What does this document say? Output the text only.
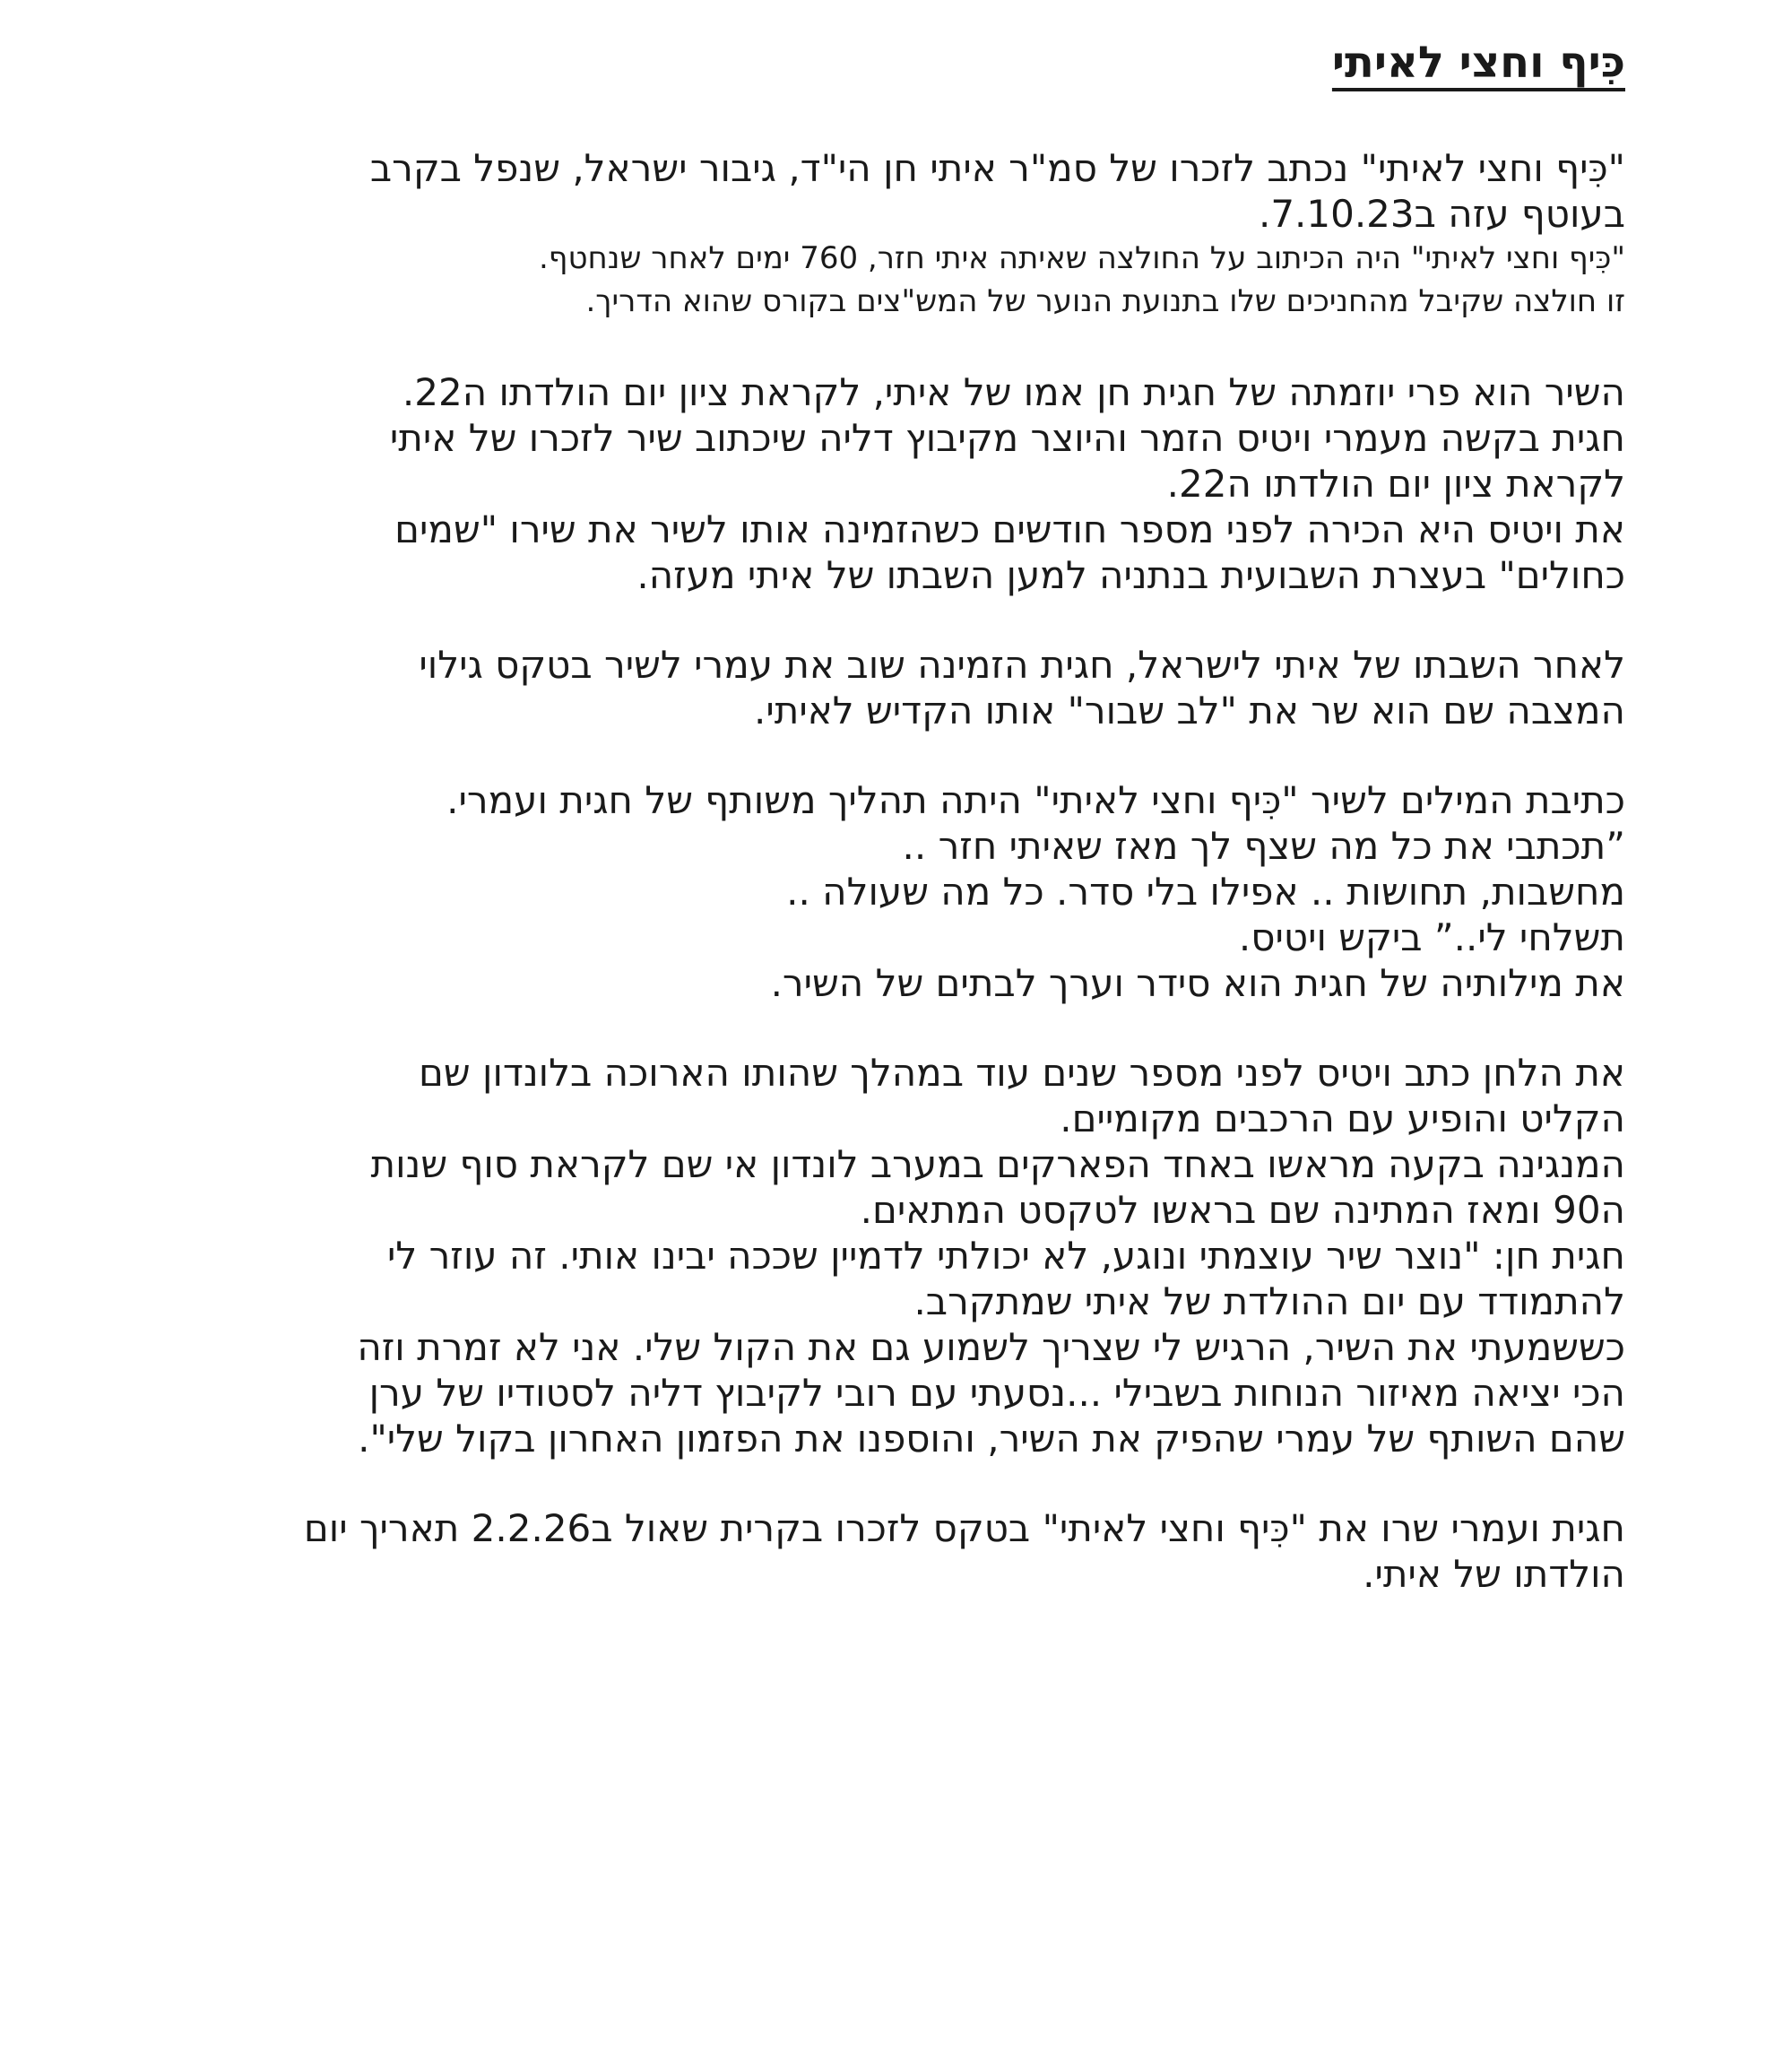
כִּיף וחצי לאיתי
"כִּיף וחצי לאיתי" נכתב לזכרו של סמ"ר איתי חן הי"ד, גיבור ישראל, שנפל בקרב
בעוטף עזה ב7.10.23.
"כִּיף וחצי לאיתי" היה הכיתוב על החולצה שאיתה איתי חזר, 760 ימים לאחר שנחטף.
זו חולצה שקיבל מהחניכים שלו בתנועת הנוער של המש"צים בקורס שהוא הדריך.
השיר הוא פרי יוזמתה של חגית חן אמו של איתי, לקראת ציון יום הולדתו ה22.
חגית בקשה מעמרי ויטיס הזמר והיוצר מקיבוץ דליה שיכתוב שיר לזכרו של איתי
לקראת ציון יום הולדתו ה22.
את ויטיס היא הכירה לפני מספר חודשים כשהזמינה אותו לשיר את שירו "שמים
כחולים" בעצרת השבועית בנתניה למען השבתו של איתי מעזה.
לאחר השבתו של איתי לישראל, חגית הזמינה שוב את עמרי לשיר בטקס גילוי
המצבה שם הוא שר את "לב שבור" אותו הקדיש לאיתי.
כתיבת המילים לשיר "כִּיף וחצי לאיתי" היתה תהליך משותף של חגית ועמרי.
”תכתבי את כל מה שצף לך מאז שאיתי חזר ..
מחשבות, תחושות .. אפילו בלי סדר. כל מה שעולה ..
תשלחי לי..” ביקש ויטיס.
את מילותיה של חגית הוא סידר וערך לבתים של השיר.
את הלחן כתב ויטיס לפני מספר שנים עוד במהלך שהותו הארוכה בלונדון שם
הקליט והופיע עם הרכבים מקומיים.
המנגינה בקעה מראשו באחד הפארקים במערב לונדון אי שם לקראת סוף שנות
ה90 ומאז המתינה שם בראשו לטקסט המתאים.
חגית חן: "נוצר שיר עוצמתי ונוגע, לא יכולתי לדמיין שככה יבינו אותי. זה עוזר לי
להתמודד עם יום ההולדת של איתי שמתקרב.
כששמעתי את השיר, הרגיש לי שצריך לשמוע גם את הקול שלי. אני לא זמרת וזה
הכי יציאה מאיזור הנוחות בשבילי ...נסעתי עם רובי לקיבוץ דליה לסטודיו של ערן
שהם השותף של עמרי שהפיק את השיר, והוספנו את הפזמון האחרון בקול שלי".
חגית ועמרי שרו את "כִּיף וחצי לאיתי" בטקס לזכרו בקרית שאול ב2.2.26 תאריך יום
הולדתו של איתי.
